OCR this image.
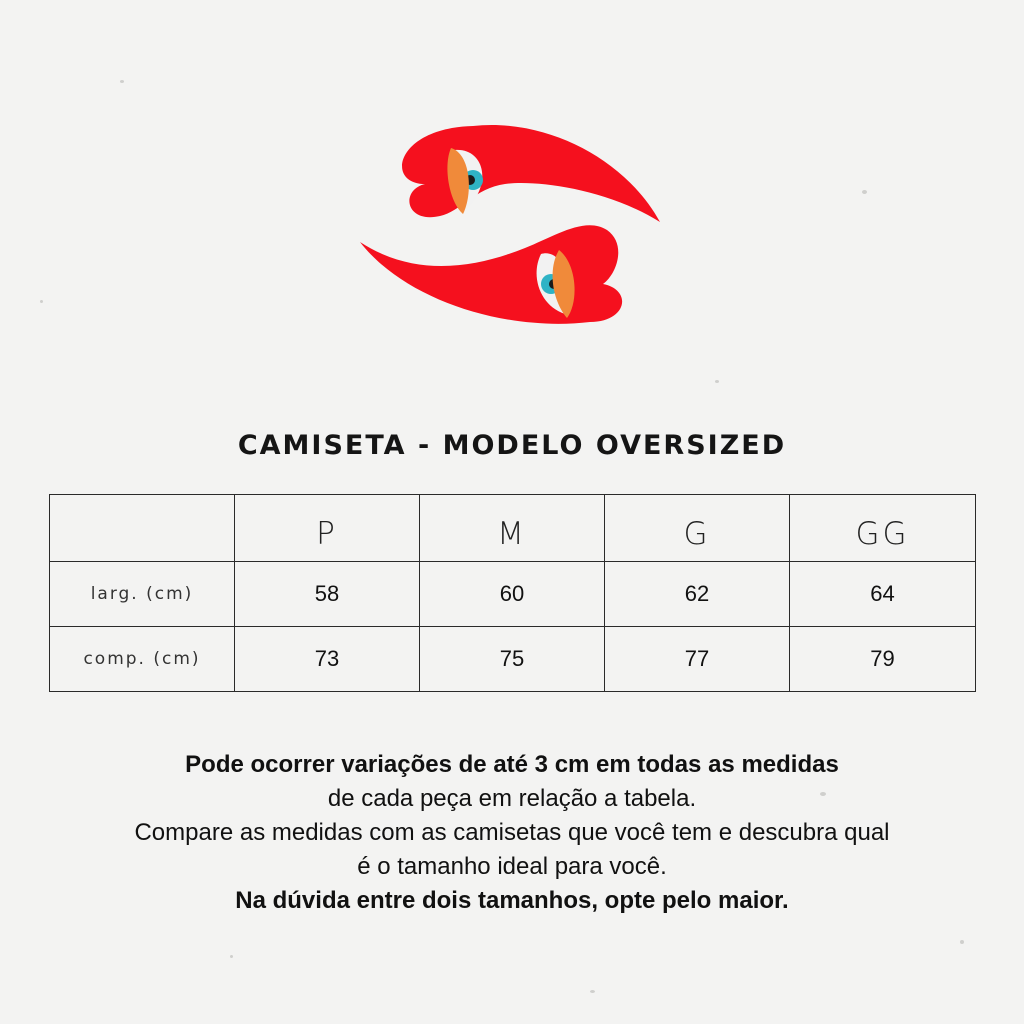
CAMISETA - MODELO OVERSIZED
	P	M	G	GG
larg. (cm)	58	60	62	64
comp. (cm)	73	75	77	79
Pode ocorrer variações de até 3 cm em todas as medidas
de cada peça em relação a tabela.
Compare as medidas com as camisetas que você tem e descubra qual
é o tamanho ideal para você.
Na dúvida entre dois tamanhos, opte pelo maior.
